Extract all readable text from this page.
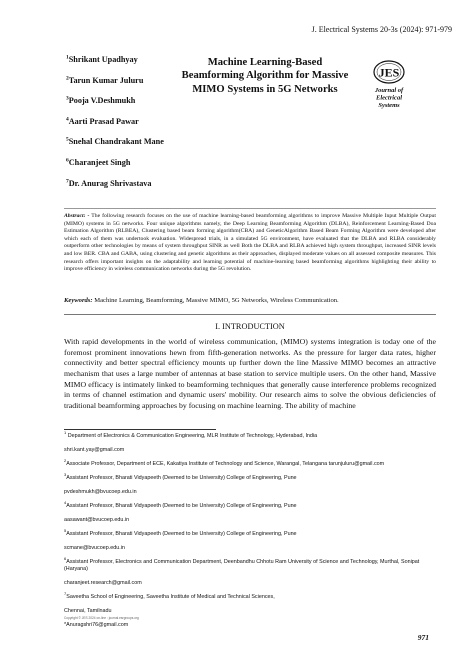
J. Electrical Systems 20-3s (2024): 971-979
$^1$Shrikant Upadhyay
$^2$Tarun Kumar Juluru
$^3$Pooja V.Deshmukh
$^4$Aarti Prasad Pawar
$^5$Snehal Chandrakant Mane
$^6$Charanjeet Singh
$^7$Dr. Anurag Shrivastava
Machine Learning-Based Beamforming Algorithm for Massive MIMO Systems in 5G Networks
JES
Journal of
Electrical
Systems
Abstract: - The following research focuses on the use of machine learning-based beamforming algorithms to improve Massive Multiple Input Multiple Output (MIMO) systems in 5G networks. Four unique algorithms namely, the Deep Learning Beamforming Algorithm (DLBA), Reinforcement Learning-Based Doa Estimation Algorithm (RLBEA), Clustering based beam forming algorithm(CBA) and GeneticAlgorithm Based Beam Forming Algorithm were developed after which each of them was undertook evaluation. Widespread trials, in a simulated 5G environment, have evaluated that the DLBA and RLBA considerably outperform other technologies by means of system throughput SINR as well Both the DLBA and RLBA achieved high system throughput, increased SINR levels and low BER. CBA and GABA, using clustering and genetic algorithms as their approaches, displayed moderate values on all assessed composite measures. This research offers important insights on the adaptability and learning potential of machine-learning based beamforming algorithms highlighting their ability to improve efficiency in wireless communication networks during the 5G revolution.
Keywords: Machine Learning, Beamforming, Massive MIMO, 5G Networks, Wireless Communication.
I. INTRODUCTION
With rapid developments in the world of wireless communication, (MIMO) systems integration is today one of the foremost prominent innovations hewn from fifth-generation networks. As the pressure for larger data rates, higher connectivity and better spectral efficiency mounts up further down the line Massive MIMO becomes an attractive mechanism that uses a large number of antennas at base station to service multiple users. On the other hand, Massive MIMO efficacy is intimately linked to beamforming techniques that generally cause interference problems recognized in terms of channel estimation and dynamic users' mobility. Our research aims to solve the obvious deficiencies of traditional beamforming approaches by focusing on machine learning. The ability of machine
$^1$ Department of Electronics & Communication Engineering, MLR Institute of Technology, Hyderabad, India
shri.kant.yay@gmail.com
$^2$Associate Professor, Department of ECE, Kakatiya Institute of Technology and Science, Warangal, Telangana tarunjuluru@gmail.com
$^3$Assistant Professor, Bharati Vidyapeeth (Deemed to be University) College of Engineering, Pune
pvdeshmukh@bvucoep.edu.in
$^4$Assistant Professor, Bharati Vidyapeeth (Deemed to be University) College of Engineering, Pune
aasawant@bvucoep.edu.in
$^5$Assistant Professor, Bharati Vidyapeeth (Deemed to be University) College of Engineering, Pune
scmane@bvucoep.edu.in
$^6$Assistant Professor, Electronics and Communication Department, Deenbandhu Chhotu Ram University of Science and Technology, Murthal, Sonipat (Haryana)
charanjeet.research@gmail.com
$^7$Saveetha School of Engineering, Saveetha Institute of Medical and Technical Sciences,
Chennai, Tamilnadu
*Anuragshri76@gmail.com
Copyright © JES 2024 on-line : journal.esrgroups.org
971
